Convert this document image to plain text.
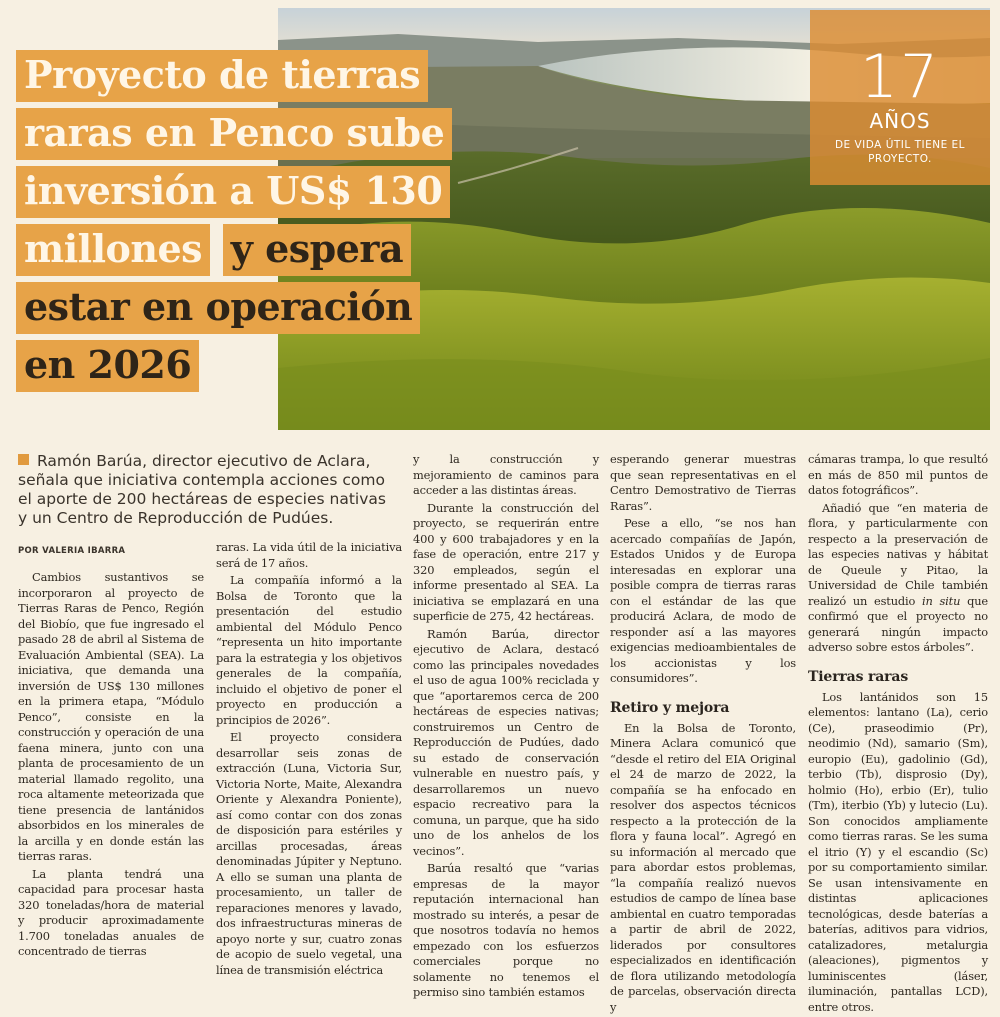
Proyecto de tierras
raras en Penco sube
inversión a US$ 130
millones y espera
estar en operación
en 2026
17
AÑOS
DE VIDA ÚTIL TIENE EL
PROYECTO.
Ramón Barúa, director ejecutivo de Aclara, señala que iniciativa contempla acciones como el aporte de 200 hectáreas de especies nativas y un Centro de Reproducción de Pudúes.
POR VALERIA IBARRA

Cambios sustantivos se incorporaron al proyecto de Tierras Raras de Penco, Región del Biobío, que fue ingresado el pasado 28 de abril al Sistema de Evaluación Ambiental (SEA). La iniciativa, que demanda una inversión de US$ 130 millones en la primera etapa, “Módulo Penco”, consiste en la construcción y operación de una faena minera, junto con una planta de procesamiento de un material llamado regolito, una roca altamente meteorizada que tiene presencia de lantánidos absorbidos en los minerales de la arcilla y en donde están las tierras raras.

La planta tendrá una capacidad para procesar hasta 320 toneladas/hora de material y producir aproximadamente 1.700 toneladas anuales de concentrado de tierras

raras. La vida útil de la iniciativa será de 17 años.

La compañía informó a la Bolsa de Toronto que la presentación del estudio ambiental del Módulo Penco “representa un hito importante para la estrategia y los objetivos generales de la compañía, incluido el objetivo de poner el proyecto en producción a principios de 2026”.

El proyecto considera desarrollar seis zonas de extracción (Luna, Victoria Sur, Victoria Norte, Maite, Alexandra Oriente y Alexandra Poniente), así como contar con dos zonas de disposición para estériles y arcillas procesadas, áreas denominadas Júpiter y Neptuno. A ello se suman una planta de procesamiento, un taller de reparaciones menores y lavado, dos infraestructuras mineras de apoyo norte y sur, cuatro zonas de acopio de suelo vegetal, una línea de transmisión eléctrica

y la construcción y mejoramiento de caminos para acceder a las distintas áreas.

Durante la construcción del proyecto, se requerirán entre 400 y 600 trabajadores y en la fase de operación, entre 217 y 320 empleados, según el informe presentado al SEA. La iniciativa se emplazará en una superficie de 275, 42 hectáreas.

Ramón Barúa, director ejecutivo de Aclara, destacó como las principales novedades el uso de agua 100% reciclada y que “aportaremos cerca de 200 hectáreas de especies nativas; construiremos un Centro de Reproducción de Pudúes, dado su estado de conservación vulnerable en nuestro país, y desarrollaremos un nuevo espacio recreativo para la comuna, un parque, que ha sido uno de los anhelos de los vecinos”.

Barúa resaltó que “varias empresas de la mayor reputación internacional han mostrado su interés, a pesar de que nosotros todavía no hemos empezado con los esfuerzos comerciales porque no solamente no tenemos el permiso sino también estamos

esperando generar muestras que sean representativas en el Centro Demostrativo de Tierras Raras”.

Pese a ello, “se nos han acercado compañías de Japón, Estados Unidos y de Europa interesadas en explorar una posible compra de tierras raras con el estándar de las que producirá Aclara, de modo de responder así a las mayores exigencias medioambientales de los accionistas y los consumidores”.

Retiro y mejora

En la Bolsa de Toronto, Minera Aclara comunicó que “desde el retiro del EIA Original el 24 de marzo de 2022, la compañía se ha enfocado en resolver dos aspectos técnicos respecto a la protección de la flora y fauna local”. Agregó en su información al mercado que para abordar estos problemas, “la compañía realizó nuevos estudios de campo de línea base ambiental en cuatro temporadas a partir de abril de 2022, liderados por consultores especializados en identificación de flora utilizando metodología de parcelas, observación directa y

cámaras trampa, lo que resultó en más de 850 mil puntos de datos fotográficos”.

Añadió que “en materia de flora, y particularmente con respecto a la preservación de las especies nativas y hábitat de Queule y Pitao, la Universidad de Chile también realizó un estudio in situ que confirmó que el proyecto no generará ningún impacto adverso sobre estos árboles”.

Tierras raras

Los lantánidos son 15 elementos: lantano (La), cerio (Ce), praseodimio (Pr), neodimio (Nd), samario (Sm), europio (Eu), gadolinio (Gd), terbio (Tb), disprosio (Dy), holmio (Ho), erbio (Er), tulio (Tm), iterbio (Yb) y lutecio (Lu). Son conocidos ampliamente como tierras raras. Se les suma el itrio (Y) y el escandio (Sc) por su comportamiento similar. Se usan intensivamente en distintas aplicaciones tecnológicas, desde baterías a baterías, aditivos para vidrios, catalizadores, metalurgia (aleaciones), pigmentos y luminiscentes (láser, iluminación, pantallas LCD), entre otros.
